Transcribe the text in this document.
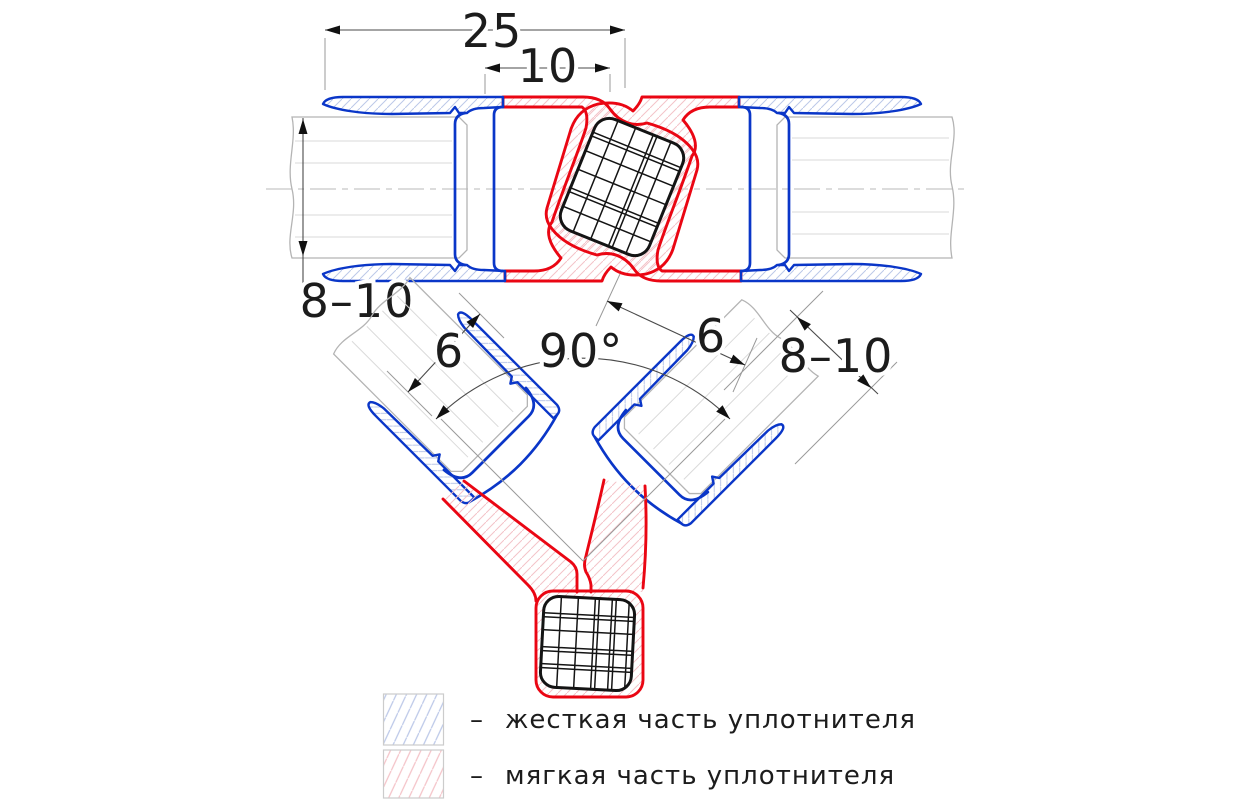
25
10
8–10
90°
6	6 8–10
– жесткая часть уплотнителя
– мягкая часть уплотнителя
